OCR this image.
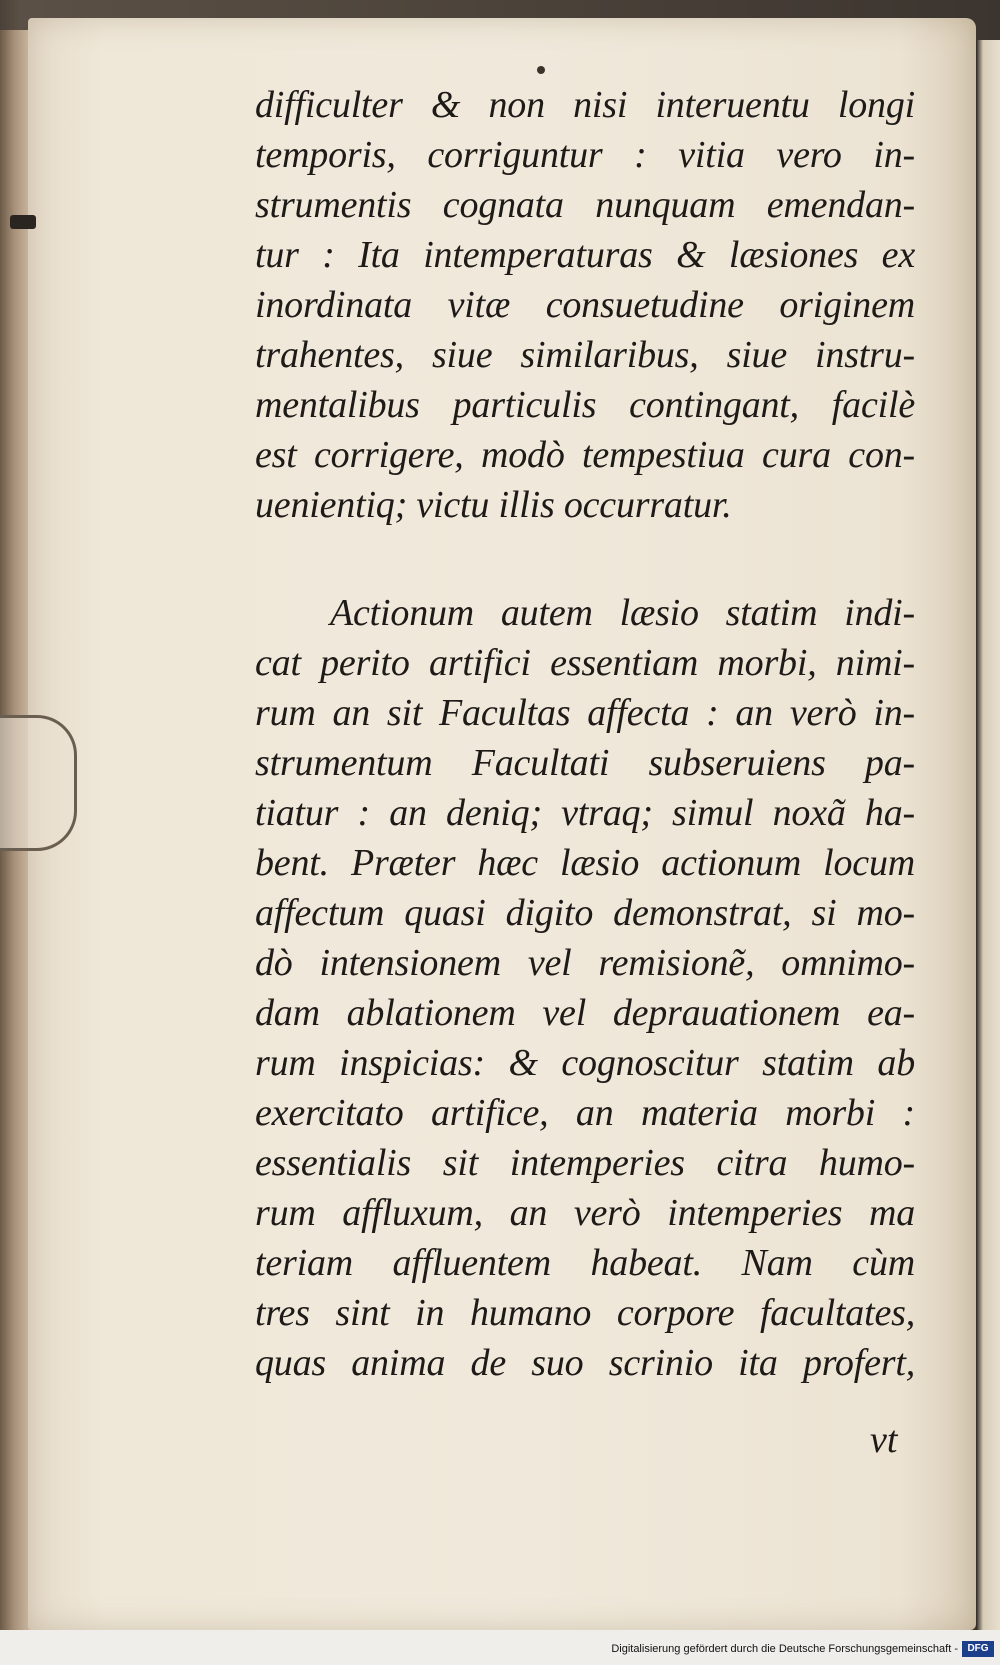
difficulter & non nisi interuentu longi
temporis, corriguntur : vitia vero in-
strumentis cognata nunquam emendan-
tur : Ita intemperaturas & læsiones ex
inordinata vitæ consuetudine originem
trahentes, siue similaribus, siue instru-
mentalibus particulis contingant, facilè
est corrigere, modò tempestiua cura con-
uenientiq; victu illis occurratur.
Actionum autem læsio statim indi-
cat perito artifici essentiam morbi, nimi-
rum an sit Facultas affecta : an verò in-
strumentum Facultati subseruiens pa-
tiatur : an deniq; vtraq; simul noxã ha-
bent. Præter hæc læsio actionum locum
affectum quasi digito demonstrat, si mo-
dò intensionem vel remisionẽ, omnimo-
dam ablationem vel deprauationem ea-
rum inspicias: & cognoscitur statim ab
exercitato artifice, an materia morbi :
essentialis sit intemperies citra humo-
rum affluxum, an verò intemperies ma
teriam affluentem habeat. Nam cùm
tres sint in humano corpore facultates,
quas anima de suo scrinio ita profert,
vt
Digitalisierung gefördert durch die Deutsche Forschungsgemeinschaft - DFG
